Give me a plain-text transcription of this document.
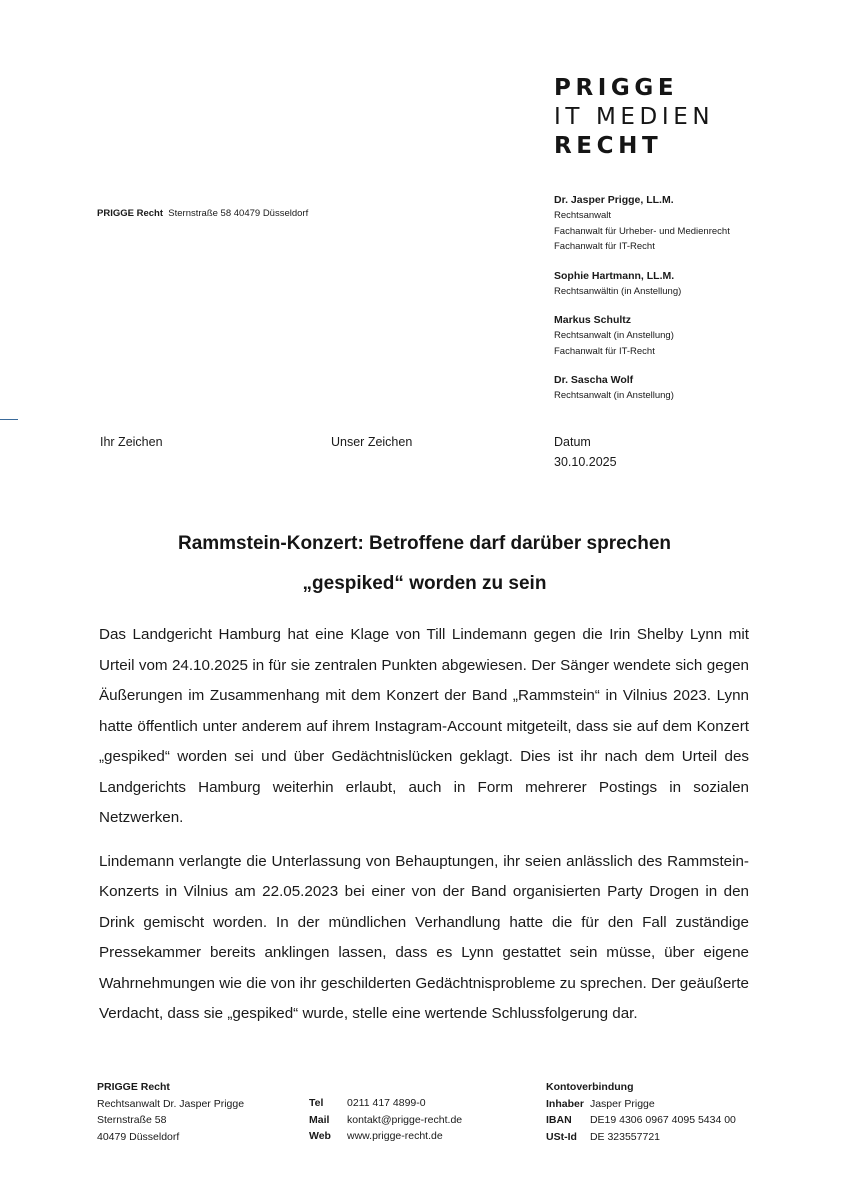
PRIGGE
IT MEDIEN
RECHT
PRIGGE Recht Sternstraße 58 40479 Düsseldorf
Dr. Jasper Prigge, LL.M.
Rechtsanwalt
Fachanwalt für Urheber- und Medienrecht
Fachanwalt für IT-Recht
Sophie Hartmann, LL.M.
Rechtsanwältin (in Anstellung)
Markus Schultz
Rechtsanwalt (in Anstellung)
Fachanwalt für IT-Recht
Dr. Sascha Wolf
Rechtsanwalt (in Anstellung)
Ihr Zeichen	Unser Zeichen	Datum
30.10.2025
Rammstein-Konzert: Betroffene darf darüber sprechen
„gespiked“ worden zu sein

Das Landgericht Hamburg hat eine Klage von Till Lindemann gegen die Irin Shelby Lynn mit Urteil vom 24.10.2025 in für sie zentralen Punkten abgewiesen. Der Sänger wendete sich gegen Äußerungen im Zusammenhang mit dem Konzert der Band „Rammstein“ in Vilnius 2023. Lynn hatte öffentlich unter anderem auf ihrem Instagram-Account mitgeteilt, dass sie auf dem Konzert „gespiked“ worden sei und über Gedächtnislücken geklagt. Dies ist ihr nach dem Urteil des Landgerichts Hamburg weiterhin erlaubt, auch in Form mehrerer Postings in sozialen Netzwerken.

Lindemann verlangte die Unterlassung von Behauptungen, ihr seien anlässlich des Rammstein-Konzerts in Vilnius am 22.05.2023 bei einer von der Band organisierten Party Drogen in den Drink gemischt worden. In der mündlichen Verhandlung hatte die für den Fall zuständige Pressekammer bereits anklingen lassen, dass es Lynn gestattet sein müsse, über eigene Wahrnehmungen wie die von ihr geschilderten Gedächtnisprobleme zu sprechen. Der geäußerte Verdacht, dass sie „gespiked“ wurde, stelle eine wertende Schlussfolgerung dar.

PRIGGE Recht
Rechtsanwalt Dr. Jasper Prigge
Sternstraße 58
40479 Düsseldorf
Tel	0211 417 4899-0
Mail	kontakt@prigge-recht.de
Web	www.prigge-recht.de
Kontoverbindung
Inhaber	Jasper Prigge
IBAN	DE19 4306 0967 4095 5434 00
USt-Id	DE 323557721
